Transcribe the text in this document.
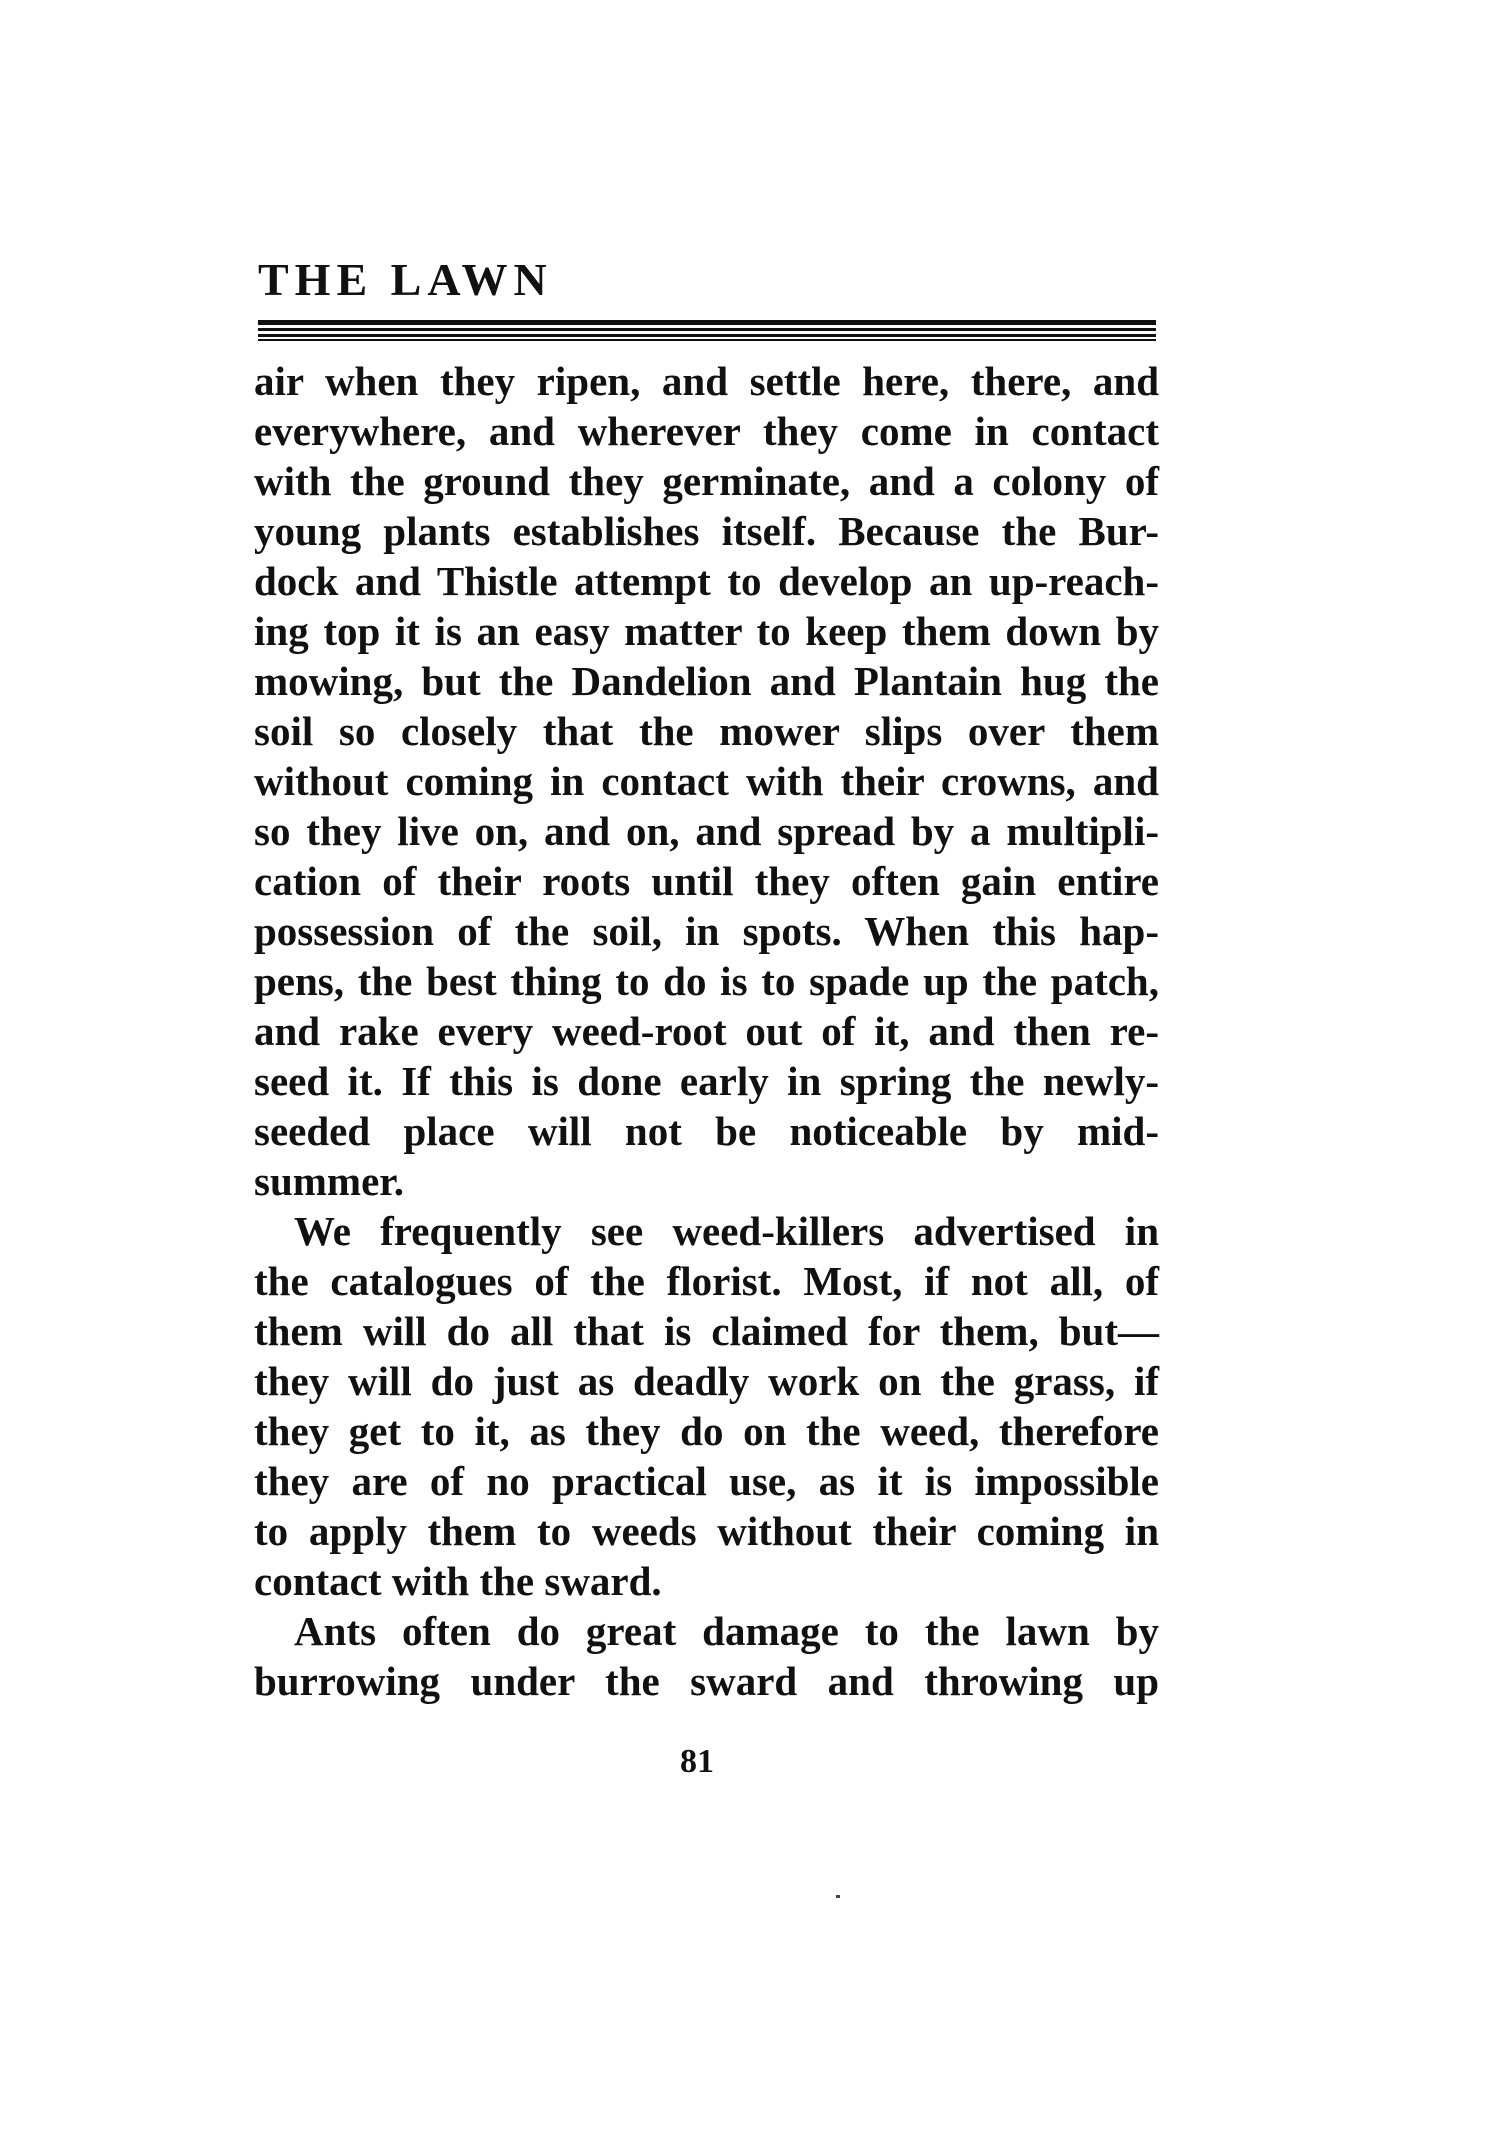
THE LAWN

air when they ripen, and settle here, there, and

everywhere, and wherever they come in contact

with the ground they germinate, and a colony of

young plants establishes itself. Because the Bur-

dock and Thistle attempt to develop an up-reach-

ing top it is an easy matter to keep them down by

mowing, but the Dandelion and Plantain hug the

soil so closely that the mower slips over them

without coming in contact with their crowns, and

so they live on, and on, and spread by a multipli-

cation of their roots until they often gain entire

possession of the soil, in spots. When this hap-

pens, the best thing to do is to spade up the patch,

and rake every weed-root out of it, and then re-

seed it. If this is done early in spring the newly-

seeded place will not be noticeable by mid-

summer.

We frequently see weed-killers advertised in

the catalogues of the florist. Most, if not all, of

them will do all that is claimed for them, but—

they will do just as deadly work on the grass, if

they get to it, as they do on the weed, therefore

they are of no practical use, as it is impossible

to apply them to weeds without their coming in

contact with the sward.

Ants often do great damage to the lawn by

burrowing under the sward and throwing up

81
